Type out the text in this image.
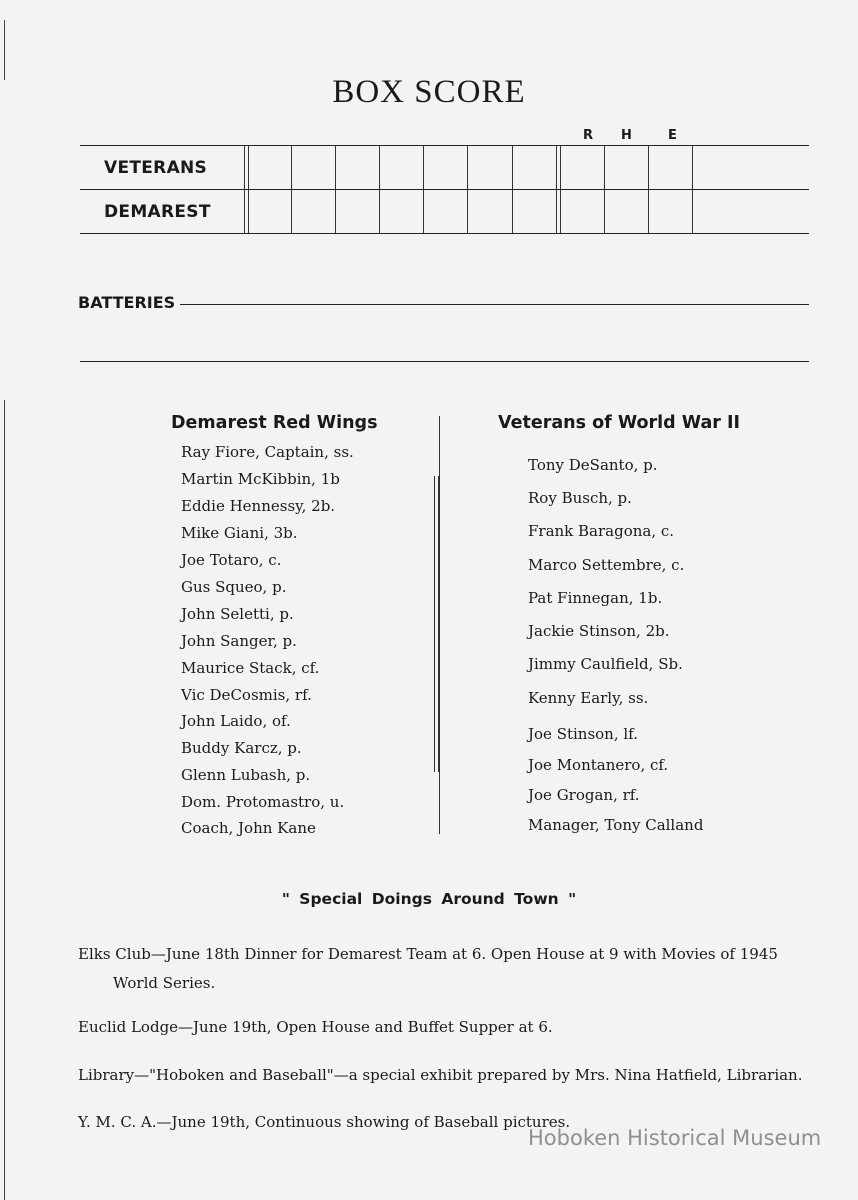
BOX SCORE
R H	E
VETERANS
DEMAREST
BATTERIES
Demarest Red Wings	Veterans of World War II
Ray Fiore, Captain, ss.
Martin McKibbin, 1b
Eddie Hennessy, 2b.
Mike Giani, 3b.
Joe Totaro, c.
Gus Squeo, p.
John Seletti, p.
John Sanger, p.
Maurice Stack, cf.
Vic DeCosmis, rf.
John Laido, of.
Buddy Karcz, p.
Glenn Lubash, p.
Dom. Protomastro, u.
Coach, John Kane
Tony DeSanto, p.
Roy Busch, p.
Frank Baragona, c.
Marco Settembre, c.
Pat Finnegan, 1b.
Jackie Stinson, 2b.
Jimmy Caulfield, Sb.
Kenny Early, ss.
Joe Stinson, lf.
Joe Montanero, cf.
Joe Grogan, rf.
Manager, Tony Calland
" Special Doings Around Town "
Elks Club—June 18th Dinner for Demarest Team at 6. Open House at 9 with Movies of 1945
World Series.
Euclid Lodge—June 19th, Open House and Buffet Supper at 6.
Library—"Hoboken and Baseball"—a special exhibit prepared by Mrs. Nina Hatfield, Librarian.
Y. M. C. A.—June 19th, Continuous showing of Baseball pictures.
Hoboken Historical Museum
